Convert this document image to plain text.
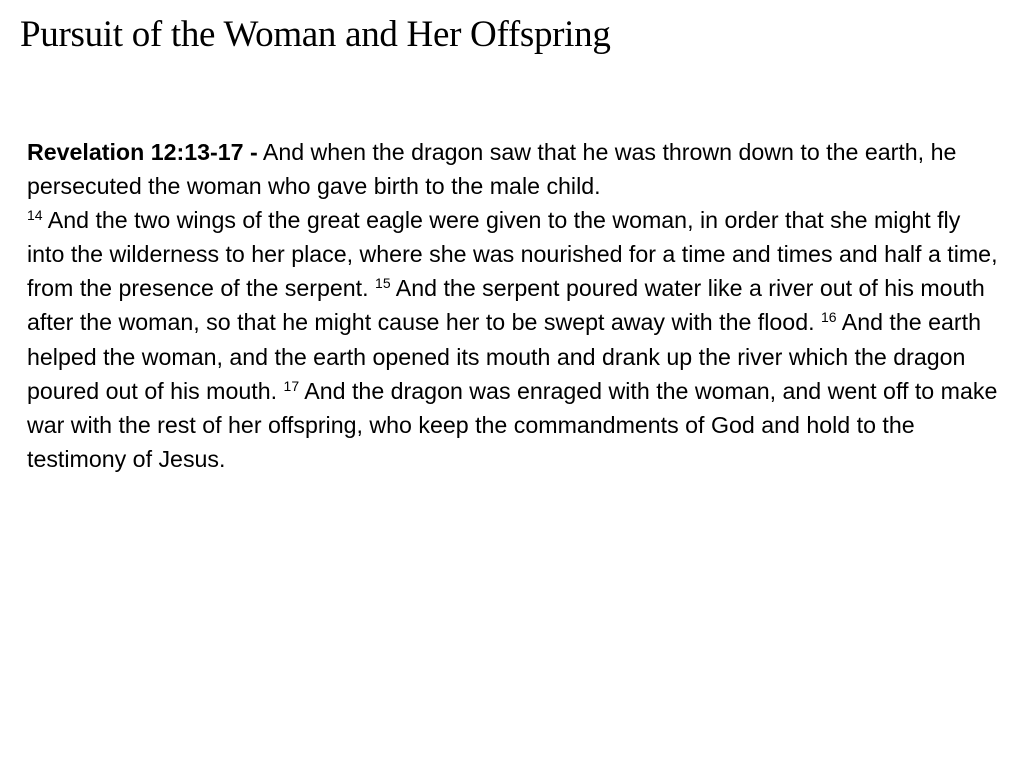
Pursuit of the Woman and Her Offspring

Revelation 12:13-17 - And when the dragon saw that he was thrown down to the earth, he persecuted the woman who gave birth to the male child.
$^{14}$ And the two wings of the great eagle were given to the woman, in order that she might fly into the wilderness to her place, where she was nourished for a time and times and half a time, from the presence of the serpent. $^{15}$ And the serpent poured water like a river out of his mouth after the woman, so that he might cause her to be swept away with the flood. $^{16}$ And the earth helped the woman, and the earth opened its mouth and drank up the river which the dragon poured out of his mouth. $^{17}$ And the dragon was enraged with the woman, and went off to make war with the rest of her offspring, who keep the commandments of God and hold to the testimony of Jesus.
